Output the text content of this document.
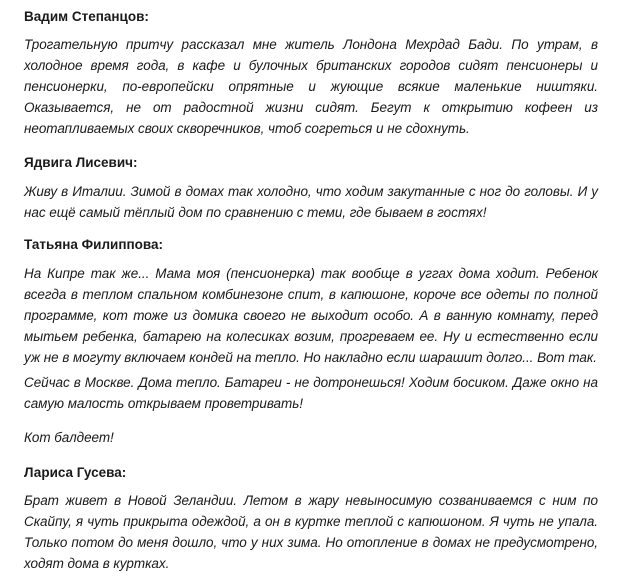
Вадим Степанцов:

Трогательную притчу рассказал мне житель Лондона Мехрдад Бади. По утрам, в холодное время года, в кафе и булочных британских городов сидят пенсионеры и пенсионерки, по-европейски опрятные и жующие всякие маленькие ништяки. Оказывается, не от радостной жизни сидят. Бегут к открытию кофеен из неотапливаемых своих скворечников, чтоб согреться и не сдохнуть.

Ядвига Лисевич:

Живу в Италии. Зимой в домах так холодно, что ходим закутанные с ног до головы. И у нас ещё самый тёплый дом по сравнению с теми, где бываем в гостях!

Татьяна Филиппова:

На Кипре так же... Мама моя (пенсионерка) так вообще в уггах дома ходит. Ребенок всегда в теплом спальном комбинезоне спит, в капюшоне, короче все одеты по полной программе, кот тоже из домика своего не выходит особо. А в ванную комнату, перед мытьем ребенка, батарею на колесиках возим, прогреваем ее. Ну и естественно если уж не в могуту включаем кондей на тепло. Но накладно если шарашит долго... Вот так.

Сейчас в Москве. Дома тепло. Батареи - не дотронешься! Ходим босиком. Даже окно на самую малость открываем проветривать!

Кот балдеет!

Лариса Гусева:

Брат живет в Новой Зеландии. Летом в жару невыносимую созваниваемся с ним по Скайпу, я чуть прикрыта одеждой, а он в куртке теплой с капюшоном. Я чуть не упала. Только потом до меня дошло, что у них зима. Но отопление в домах не предусмотрено, ходят дома в куртках.
